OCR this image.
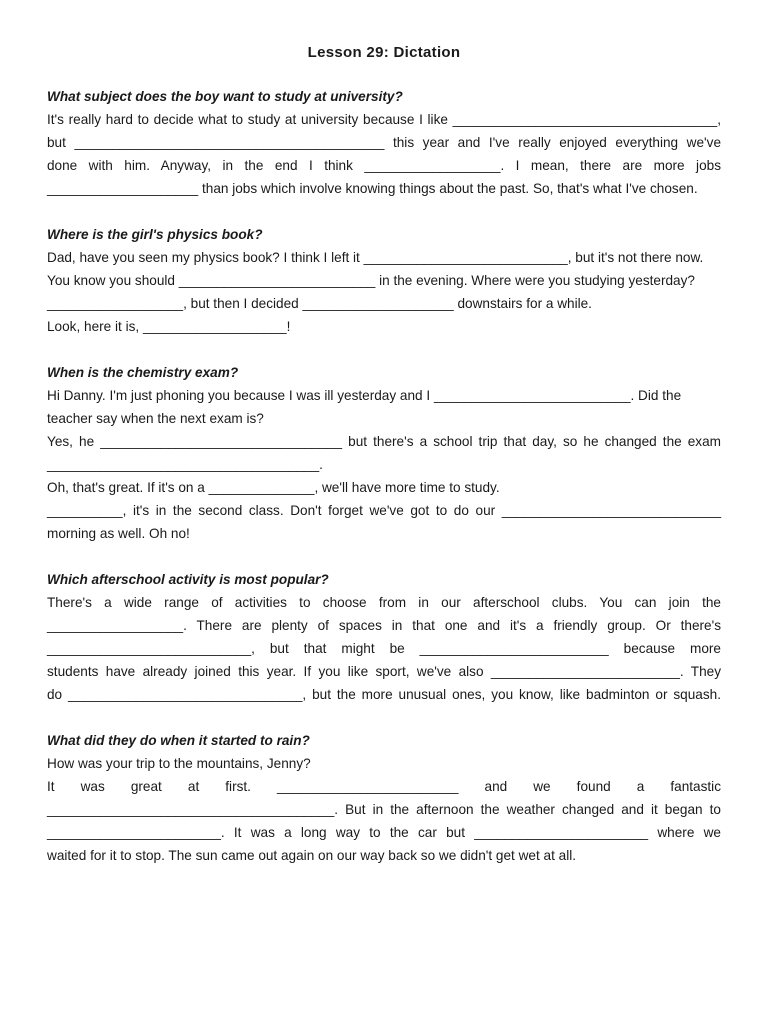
Lesson 29: Dictation

What subject does the boy want to study at university?

It's really hard to decide what to study at university because I like ___________________________________,

but _________________________________________ this year and I've really enjoyed everything we've

done with him. Anyway, in the end I think __________________. I mean, there are more jobs

____________________ than jobs which involve knowing things about the past. So, that's what I've chosen.

Where is the girl's physics book?

Dad, have you seen my physics book? I think I left it ___________________________, but it's not there now.

You know you should __________________________ in the evening. Where were you studying yesterday?

__________________, but then I decided ____________________ downstairs for a while.

Look, here it is, ___________________!

When is the chemistry exam?

Hi Danny. I'm just phoning you because I was ill yesterday and I __________________________. Did the

teacher say when the next exam is?

Yes, he ________________________________ but there's a school trip that day, so he changed the exam

____________________________________.

Oh, that's great. If it's on a ______________, we'll have more time to study.

__________, it's in the second class. Don't forget we've got to do our _____________________________

morning as well. Oh no!

Which afterschool activity is most popular?

There's a wide range of activities to choose from in our afterschool clubs. You can join the

__________________. There are plenty of spaces in that one and it's a friendly group. Or there's

___________________________, but that might be _________________________ because more

students have already joined this year. If you like sport, we've also _________________________. They

do _______________________________, but the more unusual ones, you know, like badminton or squash.

What did they do when it started to rain?

How was your trip to the mountains, Jenny?

It was great at first. ________________________ and we found a fantastic

______________________________________. But in the afternoon the weather changed and it began to

_______________________. It was a long way to the car but _______________________ where we

waited for it to stop. The sun came out again on our way back so we didn't get wet at all.
